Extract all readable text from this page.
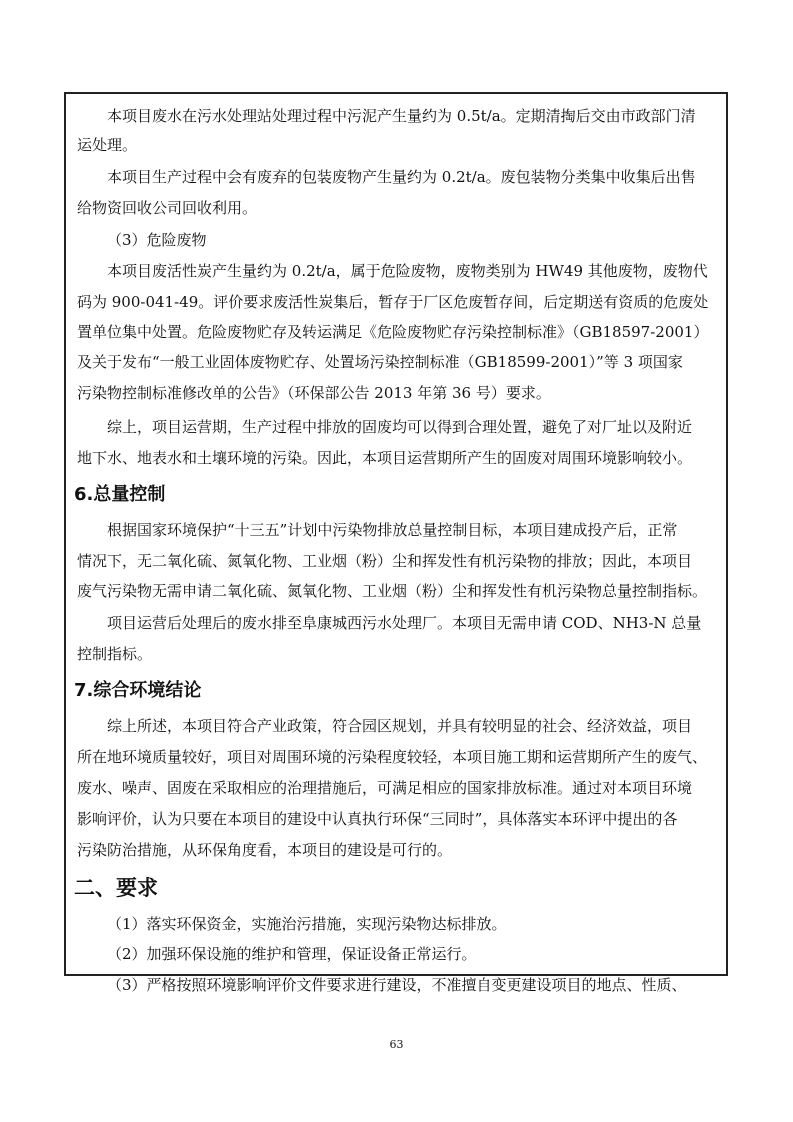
本项目废水在污水处理站处理过程中污泥产生量约为 0.5t/a。定期清掏后交由市政部门清
运处理。
本项目生产过程中会有废弃的包装废物产生量约为 0.2t/a。废包装物分类集中收集后出售
给物资回收公司回收利用。
（3）危险废物
本项目废活性炭产生量约为 0.2t/a，属于危险废物，废物类别为 HW49 其他废物，废物代
码为 900-041-49。评价要求废活性炭集后，暂存于厂区危废暂存间，后定期送有资质的危废处
置单位集中处置。危险废物贮存及转运满足《危险废物贮存污染控制标准》（GB18597-2001）
及关于发布“一般工业固体废物贮存、处置场污染控制标准（GB18599-2001）”等 3 项国家
污染物控制标准修改单的公告》（环保部公告 2013 年第 36 号）要求。
综上，项目运营期，生产过程中排放的固废均可以得到合理处置，避免了对厂址以及附近
地下水、地表水和土壤环境的污染。因此，本项目运营期所产生的固废对周围环境影响较小。
6.总量控制
根据国家环境保护“十三五”计划中污染物排放总量控制目标，本项目建成投产后，正常
情况下，无二氧化硫、氮氧化物、工业烟（粉）尘和挥发性有机污染物的排放；因此，本项目
废气污染物无需申请二氧化硫、氮氧化物、工业烟（粉）尘和挥发性有机污染物总量控制指标。
项目运营后处理后的废水排至阜康城西污水处理厂。本项目无需申请 COD、NH3-N 总量
控制指标。
7.综合环境结论
综上所述，本项目符合产业政策，符合园区规划，并具有较明显的社会、经济效益，项目
所在地环境质量较好，项目对周围环境的污染程度较轻，本项目施工期和运营期所产生的废气、
废水、噪声、固废在采取相应的治理措施后，可满足相应的国家排放标准。通过对本项目环境
影响评价，认为只要在本项目的建设中认真执行环保“三同时”，具体落实本环评中提出的各
污染防治措施，从环保角度看，本项目的建设是可行的。
二、要求
（1）落实环保资金，实施治污措施，实现污染物达标排放。
（2）加强环保设施的维护和管理，保证设备正常运行。
（3）严格按照环境影响评价文件要求进行建设，不准擅自变更建设项目的地点、性质、
63
